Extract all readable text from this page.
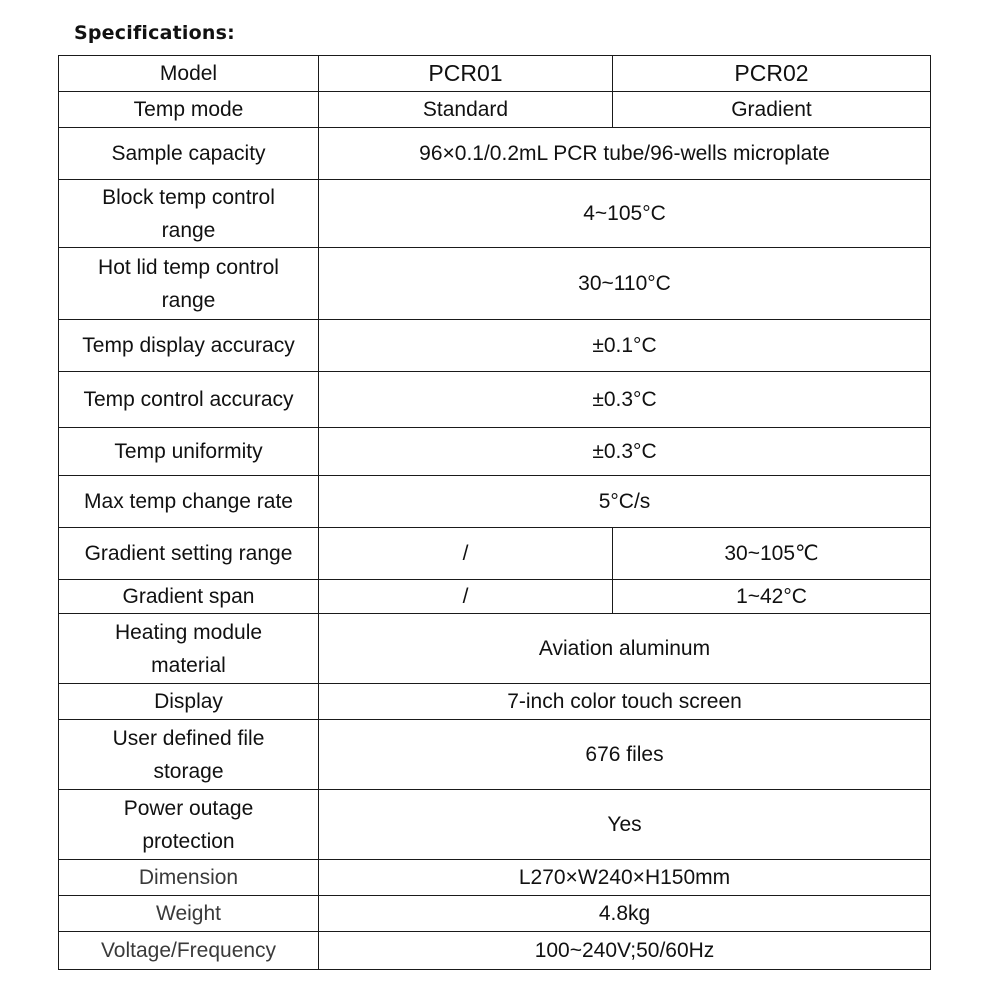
Specifications:
Model	PCR01	PCR02
Temp mode	Standard	Gradient
Sample capacity	96×0.1/0.2mL PCR tube/96-wells microplate	
Block temp control range	4~105°C	
Hot lid temp control range	30~110°C	
Temp display accuracy	±0.1°C	
Temp control accuracy	±0.3°C	
Temp uniformity	±0.3°C	
Max temp change rate	5°C/s	
Gradient setting range	/	30~105℃
Gradient span	/	1~42°C
Heating module material	Aviation aluminum	
Display	7-inch color touch screen	
User defined file storage	676 files	
Power outage protection	Yes	
Dimension	L270×W240×H150mm	
Weight	4.8kg	
Voltage/Frequency	100~240V;50/60Hz	
